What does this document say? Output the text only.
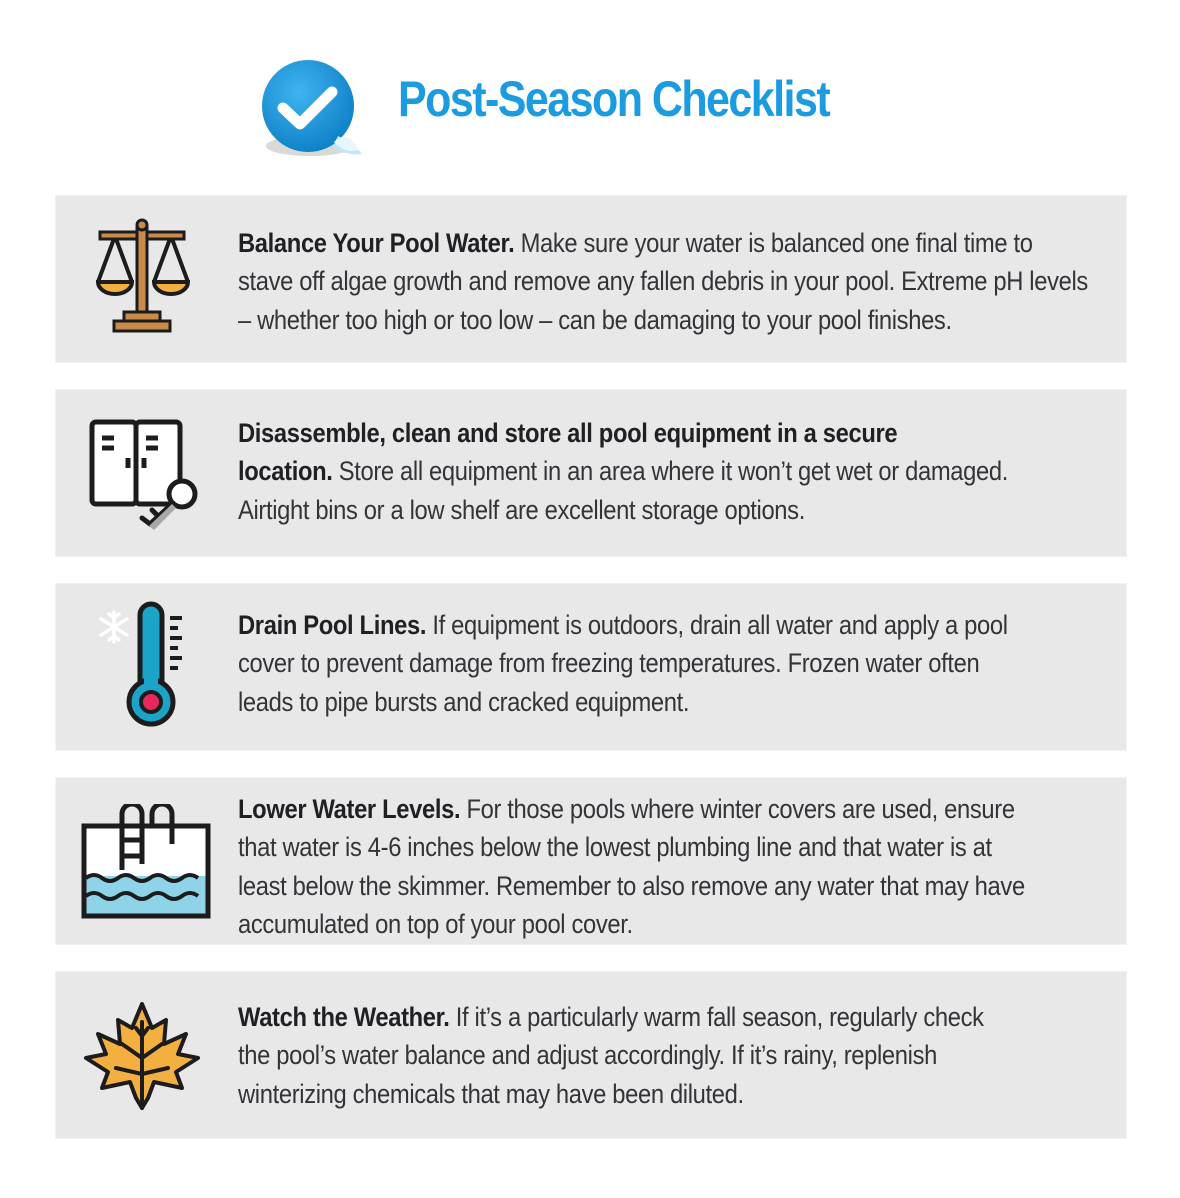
Post-Season Checklist
Balance Your Pool Water. Make sure your water is balanced one final time to
stave off algae growth and remove any fallen debris in your pool. Extreme pH levels
– whether too high or too low – can be damaging to your pool finishes.
Disassemble, clean and store all pool equipment in a secure
location. Store all equipment in an area where it won’t get wet or damaged.
Airtight bins or a low shelf are excellent storage options.
Drain Pool Lines. If equipment is outdoors, drain all water and apply a pool
cover to prevent damage from freezing temperatures. Frozen water often
leads to pipe bursts and cracked equipment.
Lower Water Levels. For those pools where winter covers are used, ensure
that water is 4-6 inches below the lowest plumbing line and that water is at
least below the skimmer. Remember to also remove any water that may have
accumulated on top of your pool cover.
Watch the Weather. If it’s a particularly warm fall season, regularly check
the pool’s water balance and adjust accordingly. If it’s rainy, replenish
winterizing chemicals that may have been diluted.
